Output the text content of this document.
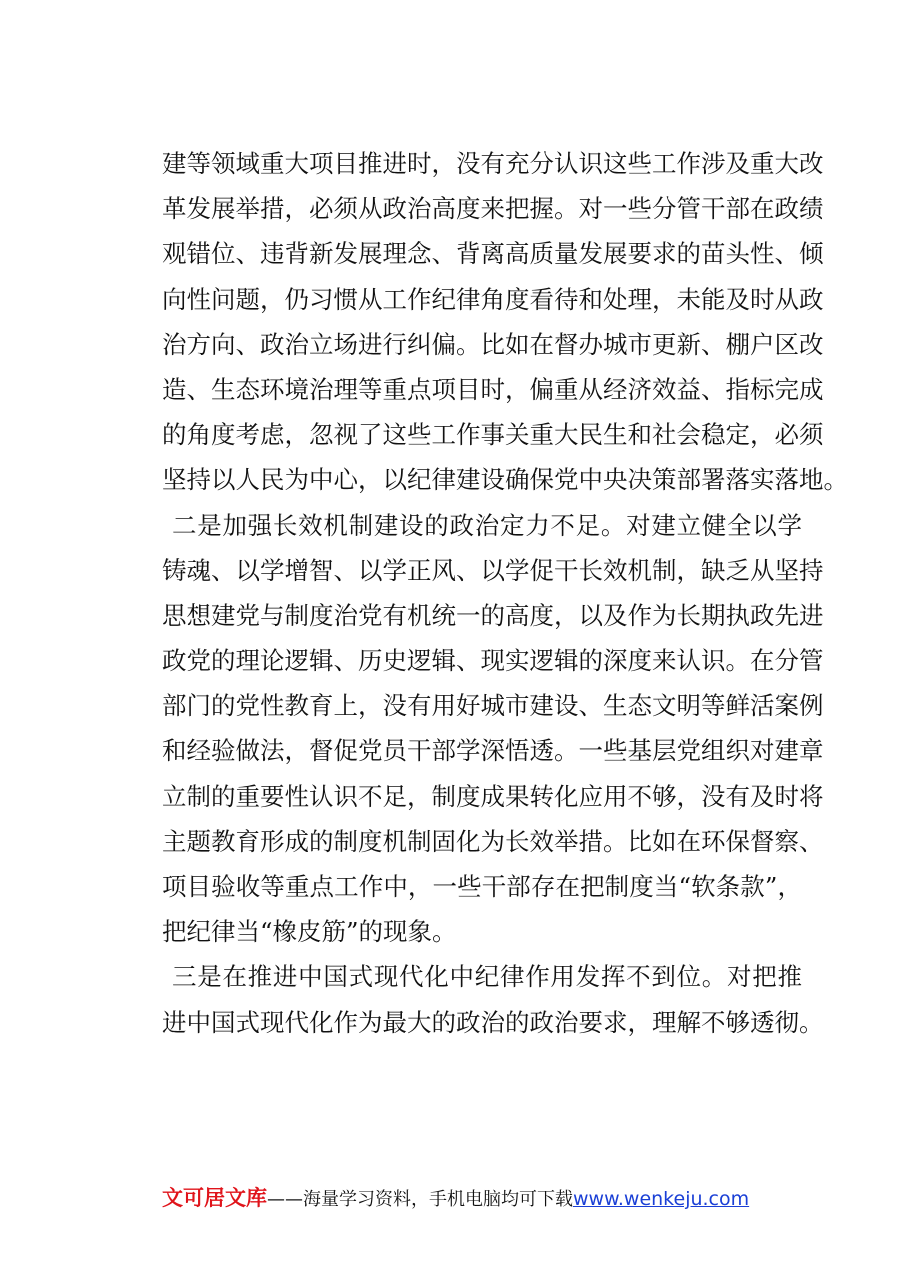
建等领域重大项目推进时，没有充分认识这些工作涉及重大改
革发展举措，必须从政治高度来把握。对一些分管干部在政绩
观错位、违背新发展理念、背离高质量发展要求的苗头性、倾
向性问题，仍习惯从工作纪律角度看待和处理，未能及时从政
治方向、政治立场进行纠偏。比如在督办城市更新、棚户区改
造、生态环境治理等重点项目时，偏重从经济效益、指标完成
的角度考虑，忽视了这些工作事关重大民生和社会稳定，必须
坚持以人民为中心，以纪律建设确保党中央决策部署落实落地。
二是加强长效机制建设的政治定力不足。对建立健全以学
铸魂、以学增智、以学正风、以学促干长效机制，缺乏从坚持
思想建党与制度治党有机统一的高度，以及作为长期执政先进
政党的理论逻辑、历史逻辑、现实逻辑的深度来认识。在分管
部门的党性教育上，没有用好城市建设、生态文明等鲜活案例
和经验做法，督促党员干部学深悟透。一些基层党组织对建章
立制的重要性认识不足，制度成果转化应用不够，没有及时将
主题教育形成的制度机制固化为长效举措。比如在环保督察、
项目验收等重点工作中，一些干部存在把制度当“软条款”，
把纪律当“橡皮筋”的现象。
三是在推进中国式现代化中纪律作用发挥不到位。对把推
进中国式现代化作为最大的政治的政治要求，理解不够透彻。
文可居文库——海量学习资料，手机电脑均可下载www.wenkeju.com
